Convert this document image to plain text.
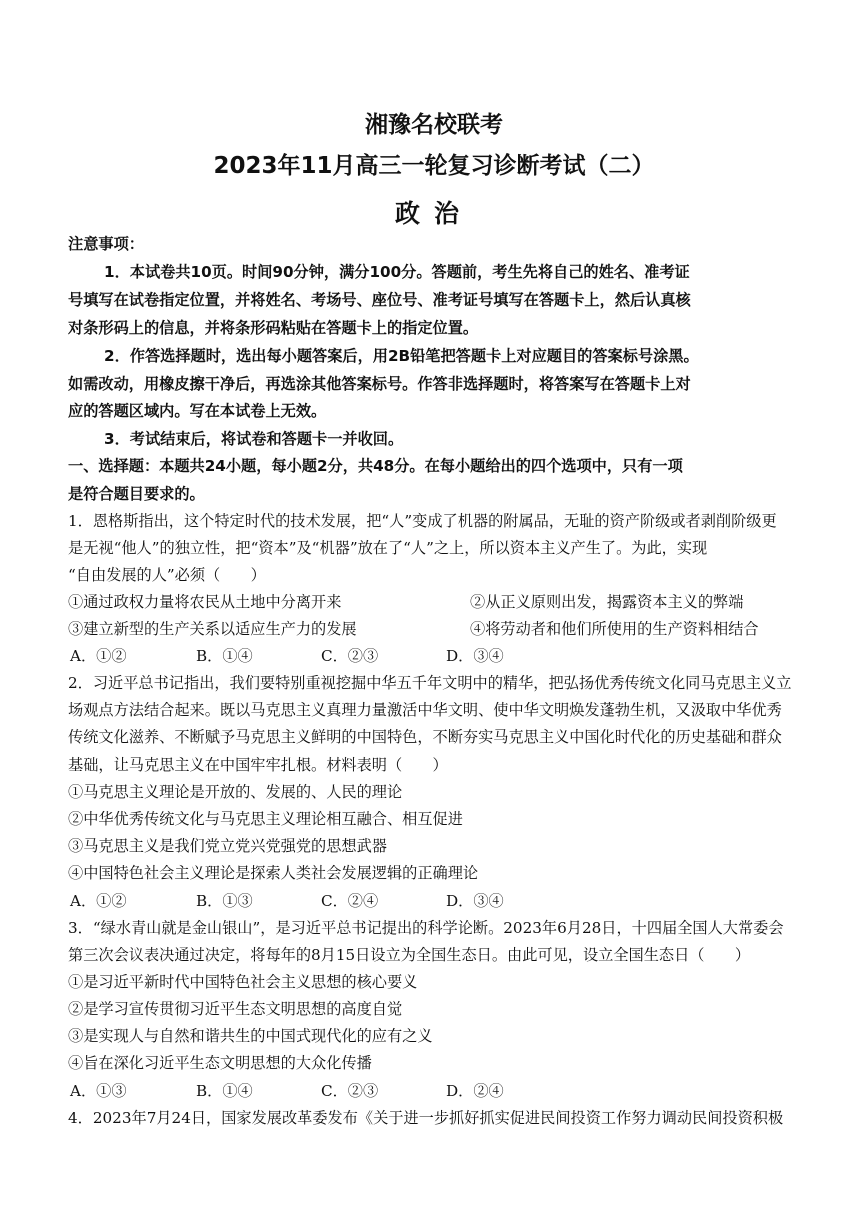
湘豫名校联考
2023年11月高三一轮复习诊断考试（二）
政治
注意事项：
1．本试卷共10页。时间90分钟，满分100分。答题前，考生先将自己的姓名、准考证
号填写在试卷指定位置，并将姓名、考场号、座位号、准考证号填写在答题卡上，然后认真核
对条形码上的信息，并将条形码粘贴在答题卡上的指定位置。
2．作答选择题时，选出每小题答案后，用2B铅笔把答题卡上对应题目的答案标号涂黑。
如需改动，用橡皮擦干净后，再选涂其他答案标号。作答非选择题时，将答案写在答题卡上对
应的答题区域内。写在本试卷上无效。
3．考试结束后，将试卷和答题卡一并收回。
一、选择题：本题共24小题，每小题2分，共48分。在每小题给出的四个选项中，只有一项
是符合题目要求的。
1．恩格斯指出，这个特定时代的技术发展，把“人”变成了机器的附属品，无耻的资产阶级或者剥削阶级更
是无视“他人”的独立性，把“资本”及“机器”放在了“人”之上，所以资本主义产生了。为此，实现
“自由发展的人”必须（　　）
①通过政权力量将农民从土地中分离开来	②从正义原则出发，揭露资本主义的弊端
③建立新型的生产关系以适应生产力的发展	④将劳动者和他们所使用的生产资料相结合
A．①②	B．①④	C．②③	D．③④
2．习近平总书记指出，我们要特别重视挖掘中华五千年文明中的精华，把弘扬优秀传统文化同马克思主义立
场观点方法结合起来。既以马克思主义真理力量激活中华文明、使中华文明焕发蓬勃生机，又汲取中华优秀
传统文化滋养、不断赋予马克思主义鲜明的中国特色，不断夯实马克思主义中国化时代化的历史基础和群众
基础，让马克思主义在中国牢牢扎根。材料表明（　　）
①马克思主义理论是开放的、发展的、人民的理论
②中华优秀传统文化与马克思主义理论相互融合、相互促进
③马克思主义是我们党立党兴党强党的思想武器
④中国特色社会主义理论是探索人类社会发展逻辑的正确理论
A．①②	B．①③	C．②④	D．③④
3．“绿水青山就是金山银山”，是习近平总书记提出的科学论断。2023年6月28日，十四届全国人大常委会
第三次会议表决通过决定，将每年的8月15日设立为全国生态日。由此可见，设立全国生态日（　　）
①是习近平新时代中国特色社会主义思想的核心要义
②是学习宣传贯彻习近平生态文明思想的高度自觉
③是实现人与自然和谐共生的中国式现代化的应有之义
④旨在深化习近平生态文明思想的大众化传播
A．①③	B．①④	C．②③	D．②④
4．2023年7月24日，国家发展改革委发布《关于进一步抓好抓实促进民间投资工作努力调动民间投资积极
